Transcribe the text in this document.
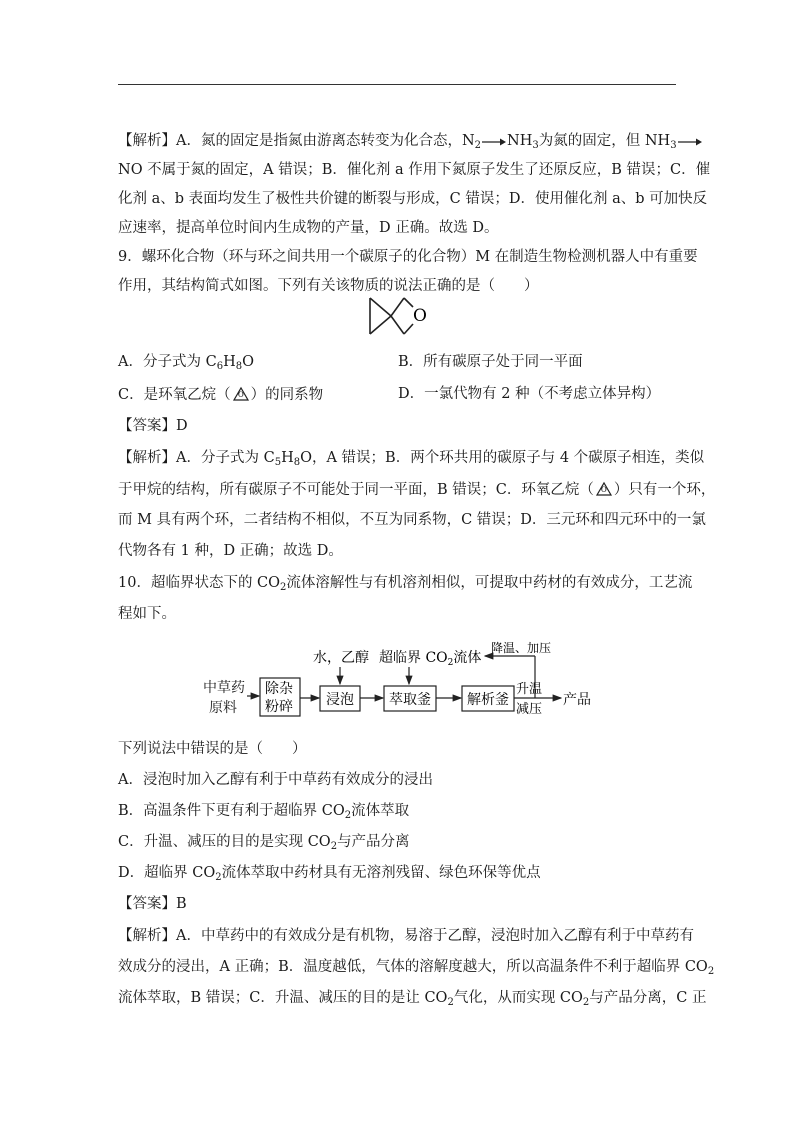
【解析】A．氮的固定是指氮由游离态转变为化合态，$N_2\to NH_3$为氮的固定，但 $NH_3\to$
NO 不属于氮的固定，A 错误；B．催化剂 a 作用下氮原子发生了还原反应，B 错误；C．催
化剂 a、b 表面均发生了极性共价键的断裂与形成，C 错误；D．使用催化剂 a、b 可加快反
应速率，提高单位时间内生成物的产量，D 正确。故选 D。
9．螺环化合物（环与环之间共用一个碳原子的化合物）M 在制造生物检测机器人中有重要
作用，其结构简式如图。下列有关该物质的说法正确的是（　　）
O
A．分子式为 $C_6H_8O$	B．所有碳原子处于同一平面
C．是环氧乙烷（ O ）的同系物	D．一氯代物有 2 种（不考虑立体异构）
【答案】D
【解析】A．分子式为 $C_5H_8O$，A 错误；B．两个环共用的碳原子与 4 个碳原子相连，类似
于甲烷的结构，所有碳原子不可能处于同一平面，B 错误；C．环氧乙烷（ O ）只有一个环，
而 M 具有两个环，二者结构不相似，不互为同系物，C 错误；D．三元环和四元环中的一氯
代物各有 1 种，D 正确；故选 D。
10．超临界状态下的 $CO_2$流体溶解性与有机溶剂相似，可提取中药材的有效成分，工艺流
程如下。
中草药
原料
除杂
粉碎 浸泡
水，乙醇
萃取釜
超临界 $CO_2$流体
解析釜
升温
减压
产品
降温、加压
下列说法中错误的是（　　）
A．浸泡时加入乙醇有利于中草药有效成分的浸出
B．高温条件下更有利于超临界 $CO_2$流体萃取
C．升温、减压的目的是实现 $CO_2$与产品分离
D．超临界 $CO_2$流体萃取中药材具有无溶剂残留、绿色环保等优点
【答案】B
【解析】A．中草药中的有效成分是有机物，易溶于乙醇，浸泡时加入乙醇有利于中草药有
效成分的浸出，A 正确；B．温度越低，气体的溶解度越大，所以高温条件不利于超临界 $CO_2$
流体萃取，B 错误；C．升温、减压的目的是让 $CO_2$气化，从而实现 $CO_2$与产品分离，C 正
